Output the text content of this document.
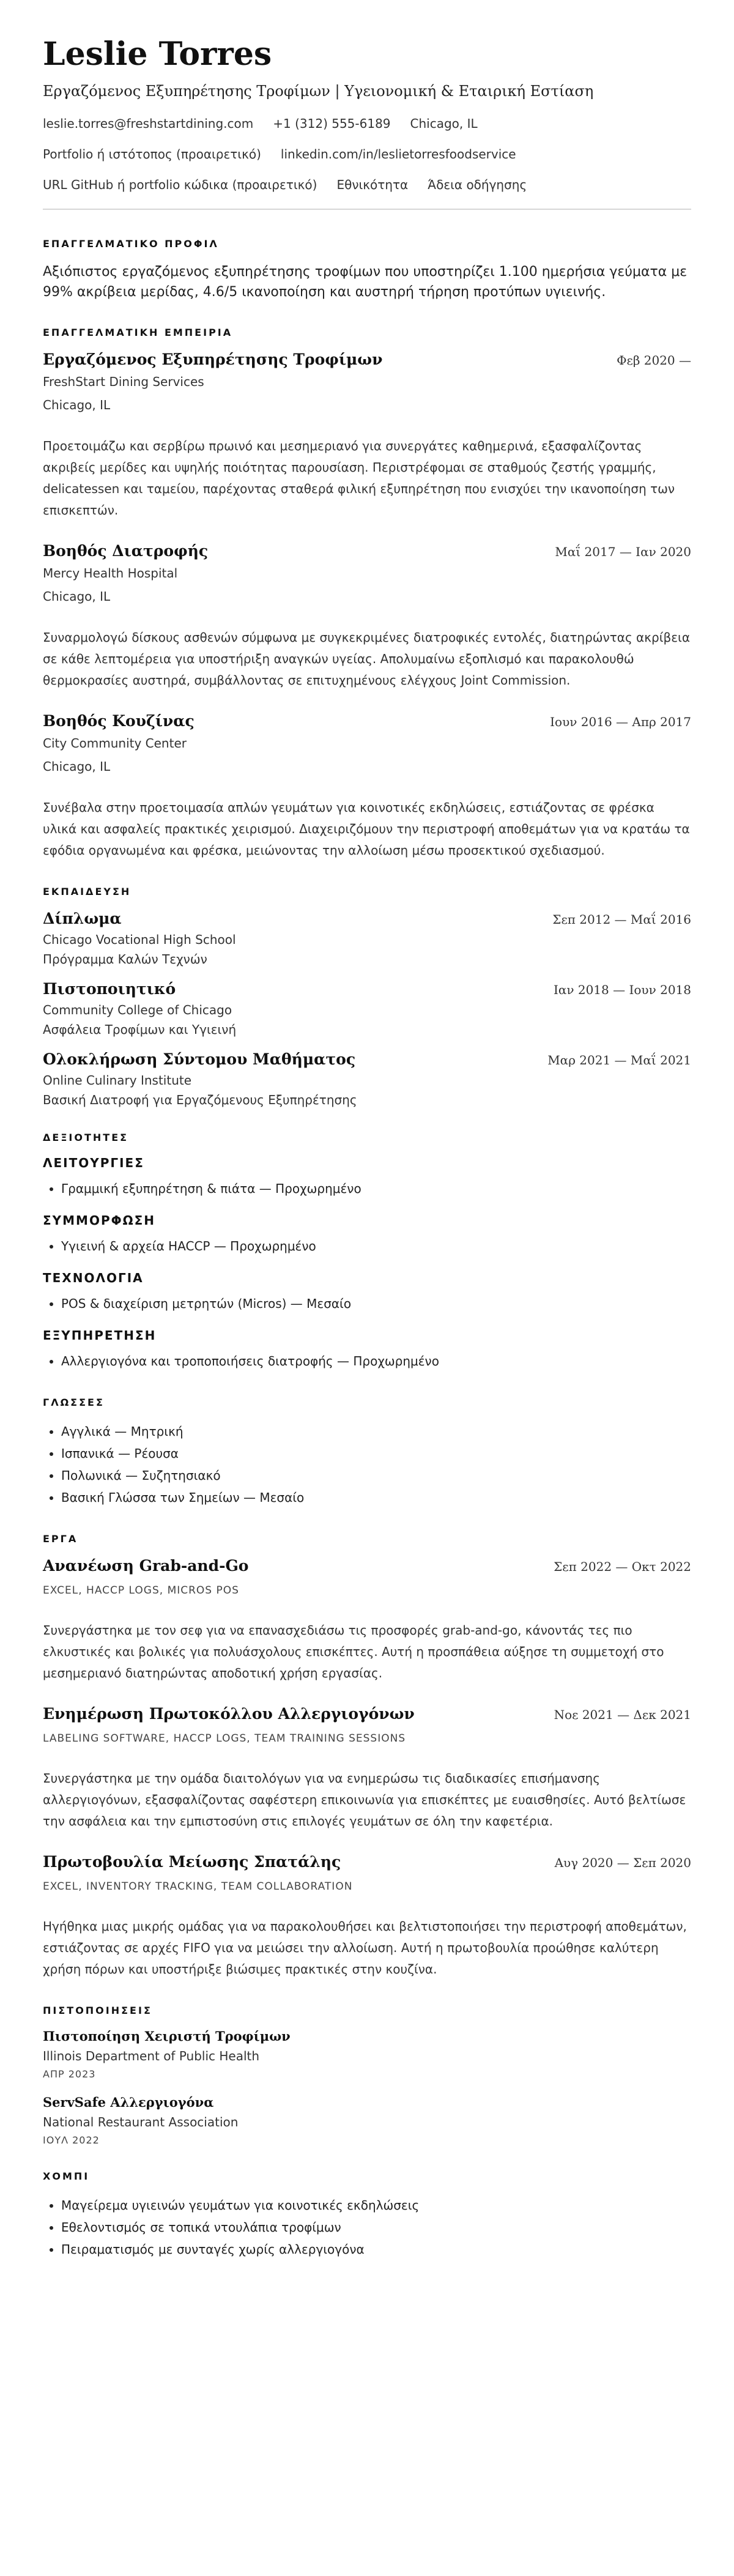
Leslie Torres
Εργαζόμενος Εξυπηρέτησης Τροφίμων | Υγειονομική & Εταιρική Εστίαση
leslie.torres@freshstartdining.com +1 (312) 555-6189 Chicago, IL
Portfolio ή ιστότοπος (προαιρετικό) linkedin.com/in/leslietorresfoodservice
URL GitHub ή portfolio κώδικα (προαιρετικό) Εθνικότητα Άδεια οδήγησης
ΕΠΑΓΓΕΛΜΑΤΙΚΟ ΠΡΟΦΙΛ
Αξιόπιστος εργαζόμενος εξυπηρέτησης τροφίμων που υποστηρίζει 1.100 ημερήσια γεύματα με 99% ακρίβεια μερίδας, 4.6/5 ικανοποίηση και αυστηρή τήρηση προτύπων υγιεινής.
ΕΠΑΓΓΕΛΜΑΤΙΚΗ ΕΜΠΕΙΡΙΑ
Εργαζόμενος Εξυπηρέτησης Τροφίμων	Φεβ 2020 —
FreshStart Dining Services
Chicago, IL
Προετοιμάζω και σερβίρω πρωινό και μεσημεριανό για συνεργάτες καθημερινά, εξασφαλίζοντας ακριβείς μερίδες και υψηλής ποιότητας παρουσίαση. Περιστρέφομαι σε σταθμούς ζεστής γραμμής, delicatessen και ταμείου, παρέχοντας σταθερά φιλική εξυπηρέτηση που ενισχύει την ικανοποίηση των επισκεπτών.
Βοηθός Διατροφής	Μαΐ 2017 — Ιαν 2020
Mercy Health Hospital
Chicago, IL
Συναρμολογώ δίσκους ασθενών σύμφωνα με συγκεκριμένες διατροφικές εντολές, διατηρώντας ακρίβεια σε κάθε λεπτομέρεια για υποστήριξη αναγκών υγείας. Απολυμαίνω εξοπλισμό και παρακολουθώ θερμοκρασίες αυστηρά, συμβάλλοντας σε επιτυχημένους ελέγχους Joint Commission.
Βοηθός Κουζίνας	Ιουν 2016 — Απρ 2017
City Community Center
Chicago, IL
Συνέβαλα στην προετοιμασία απλών γευμάτων για κοινοτικές εκδηλώσεις, εστιάζοντας σε φρέσκα υλικά και ασφαλείς πρακτικές χειρισμού. Διαχειριζόμουν την περιστροφή αποθεμάτων για να κρατάω τα εφόδια οργανωμένα και φρέσκα, μειώνοντας την αλλοίωση μέσω προσεκτικού σχεδιασμού.
ΕΚΠΑΙΔΕΥΣΗ
Δίπλωμα	Σεπ 2012 — Μαΐ 2016
Chicago Vocational High School
Πρόγραμμα Καλών Τεχνών
Πιστοποιητικό	Ιαν 2018 — Ιουν 2018
Community College of Chicago
Ασφάλεια Τροφίμων και Υγιεινή
Ολοκλήρωση Σύντομου Μαθήματος	Μαρ 2021 — Μαΐ 2021
Online Culinary Institute
Βασική Διατροφή για Εργαζόμενους Εξυπηρέτησης
ΔΕΞΙΟΤΗΤΕΣ
ΛΕΙΤΟΥΡΓΙΕΣ
• Γραμμική εξυπηρέτηση & πιάτα — Προχωρημένο
ΣΥΜΜΟΡΦΩΣΗ
• Υγιεινή & αρχεία HACCP — Προχωρημένο
ΤΕΧΝΟΛΟΓΙΑ
• POS & διαχείριση μετρητών (Micros) — Μεσαίο
ΕΞΥΠΗΡΕΤΗΣΗ
• Αλλεργιογόνα και τροποποιήσεις διατροφής — Προχωρημένο
ΓΛΩΣΣΕΣ
• Αγγλικά — Μητρική
• Ισπανικά — Ρέουσα
• Πολωνικά — Συζητησιακό
• Βασική Γλώσσα των Σημείων — Μεσαίο
ΕΡΓΑ
Ανανέωση Grab-and-Go	Σεπ 2022 — Οκτ 2022
EXCEL, HACCP LOGS, MICROS POS
Συνεργάστηκα με τον σεφ για να επανασχεδιάσω τις προσφορές grab-and-go, κάνοντάς τες πιο ελκυστικές και βολικές για πολυάσχολους επισκέπτες. Αυτή η προσπάθεια αύξησε τη συμμετοχή στο μεσημεριανό διατηρώντας αποδοτική χρήση εργασίας.
Ενημέρωση Πρωτοκόλλου Αλλεργιογόνων	Νοε 2021 — Δεκ 2021
LABELING SOFTWARE, HACCP LOGS, TEAM TRAINING SESSIONS
Συνεργάστηκα με την ομάδα διαιτολόγων για να ενημερώσω τις διαδικασίες επισήμανσης αλλεργιογόνων, εξασφαλίζοντας σαφέστερη επικοινωνία για επισκέπτες με ευαισθησίες. Αυτό βελτίωσε την ασφάλεια και την εμπιστοσύνη στις επιλογές γευμάτων σε όλη την καφετέρια.
Πρωτοβουλία Μείωσης Σπατάλης	Αυγ 2020 — Σεπ 2020
EXCEL, INVENTORY TRACKING, TEAM COLLABORATION
Ηγήθηκα μιας μικρής ομάδας για να παρακολουθήσει και βελτιστοποιήσει την περιστροφή αποθεμάτων, εστιάζοντας σε αρχές FIFO για να μειώσει την αλλοίωση. Αυτή η πρωτοβουλία προώθησε καλύτερη χρήση πόρων και υποστήριξε βιώσιμες πρακτικές στην κουζίνα.
ΠΙΣΤΟΠΟΙΗΣΕΙΣ
Πιστοποίηση Χειριστή Τροφίμων
Illinois Department of Public Health
ΑΠΡ 2023
ServSafe Αλλεργιογόνα
National Restaurant Association
ΙΟΥΛ 2022
ΧΟΜΠΙ
• Μαγείρεμα υγιεινών γευμάτων για κοινοτικές εκδηλώσεις
• Εθελοντισμός σε τοπικά ντουλάπια τροφίμων
• Πειραματισμός με συνταγές χωρίς αλλεργιογόνα
